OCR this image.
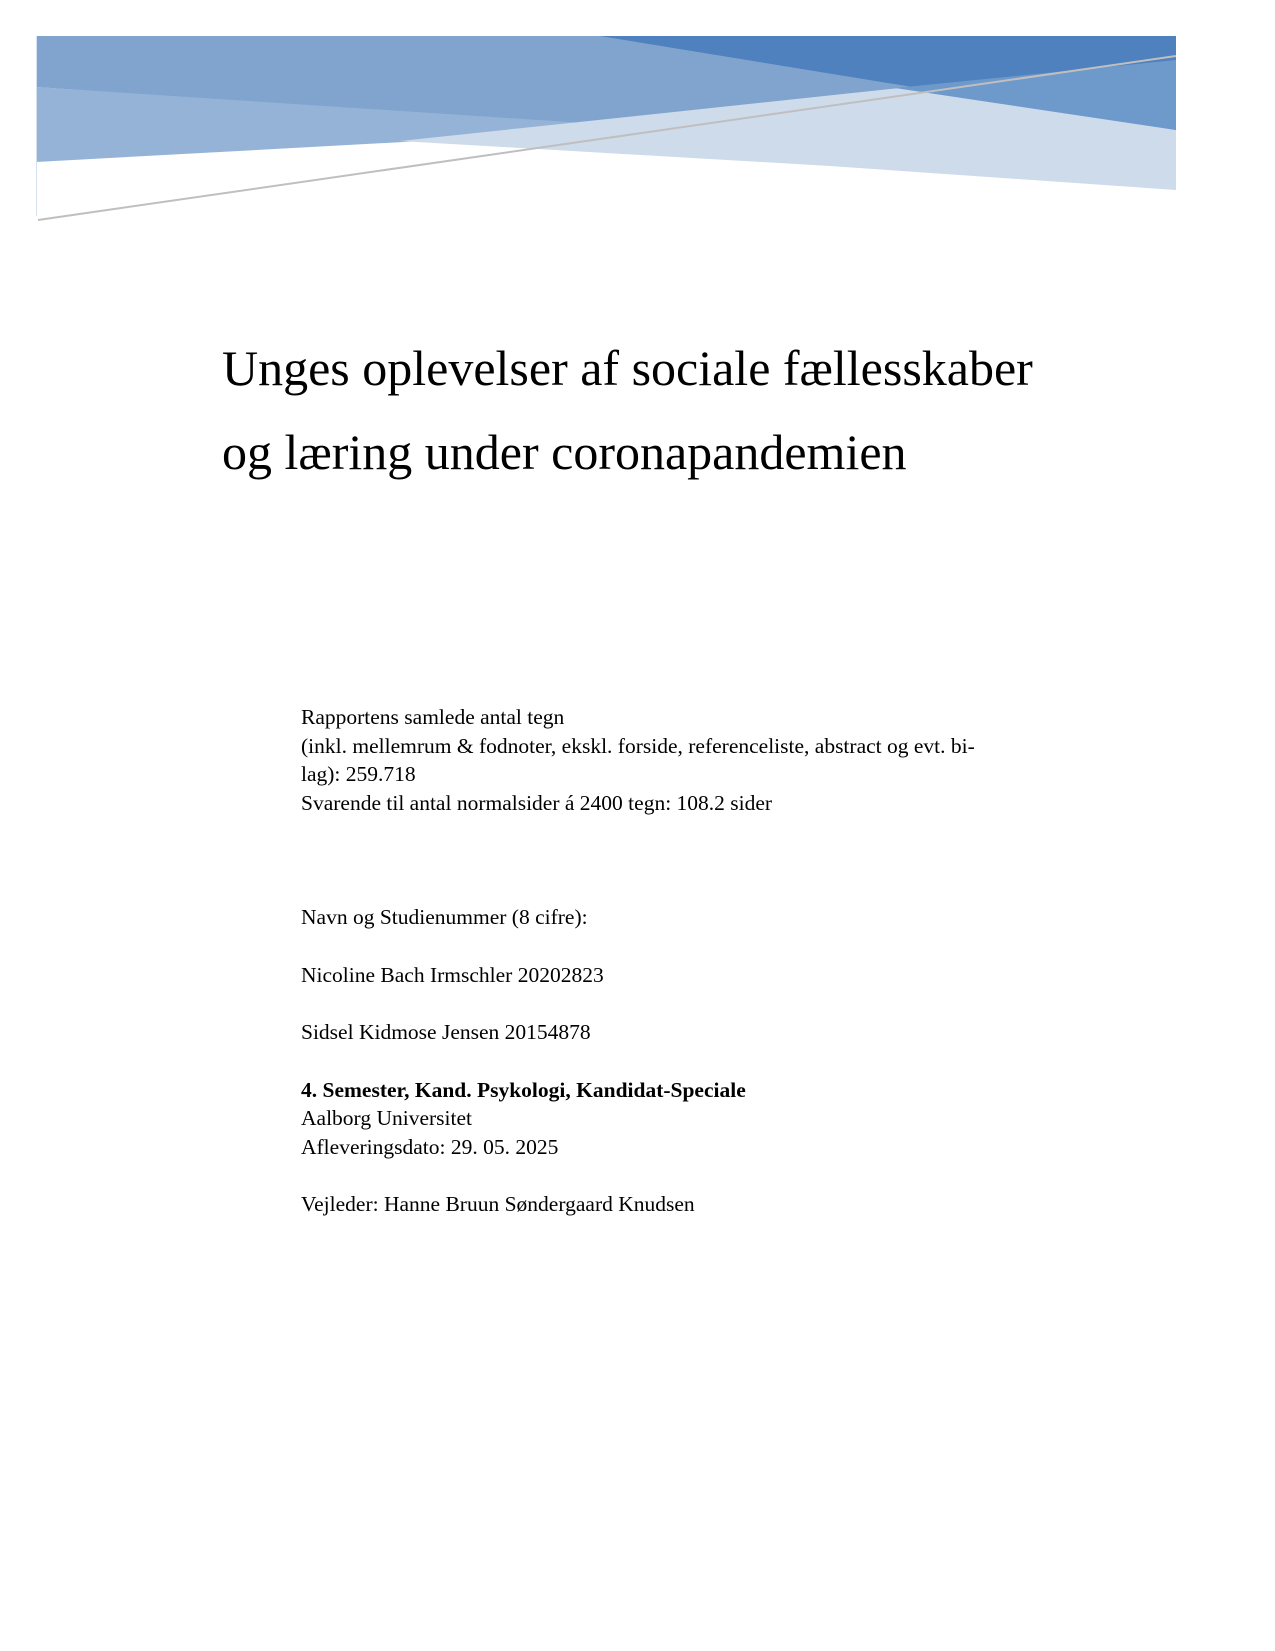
Unges oplevelser af sociale fællesskaber
og læring under coronapandemien
Rapportens samlede antal tegn
(inkl. mellemrum & fodnoter, ekskl. forside, referenceliste, abstract og evt. bi-
lag): 259.718
Svarende til antal normalsider á 2400 tegn: 108.2 sider
Navn og Studienummer (8 cifre):
Nicoline Bach Irmschler 20202823
Sidsel Kidmose Jensen 20154878
4. Semester, Kand. Psykologi, Kandidat-Speciale
Aalborg Universitet
Afleveringsdato: 29. 05. 2025
Vejleder: Hanne Bruun Søndergaard Knudsen
